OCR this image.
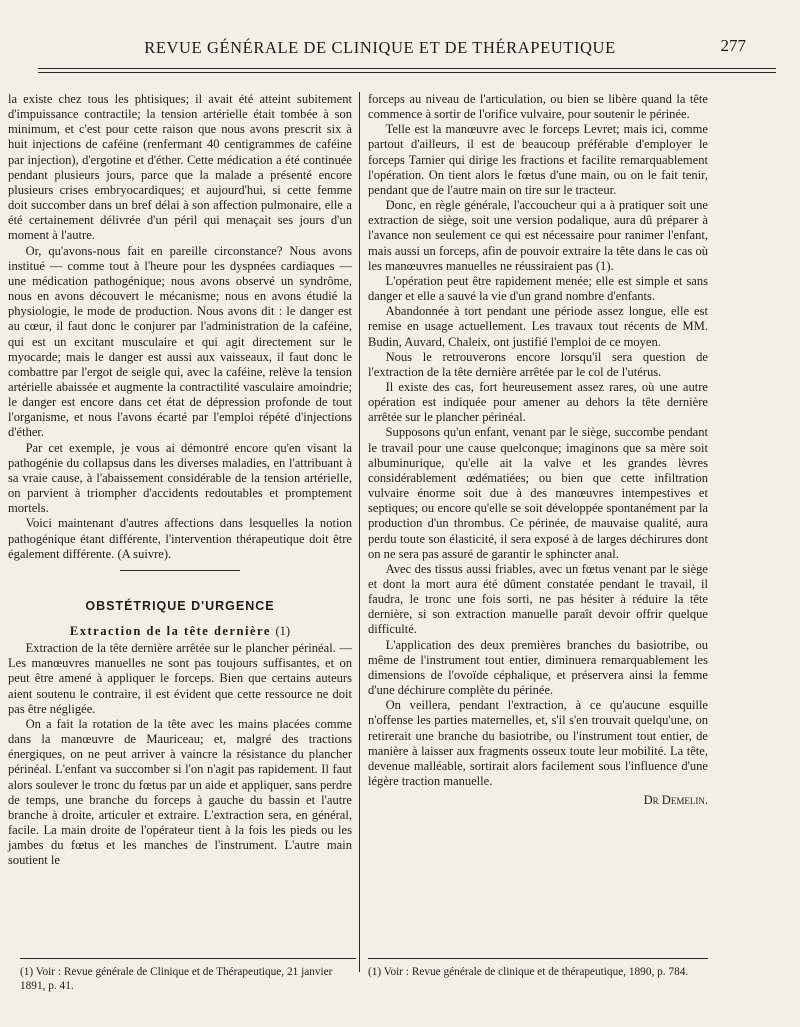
REVUE GÉNÉRALE DE CLINIQUE ET DE THÉRAPEUTIQUE	277

la existe chez tous les phtisiques; il avait été atteint subitement d'impuissance contractile; la tension artérielle était tombée à son minimum, et c'est pour cette raison que nous avons prescrit six à huit injections de caféine (renfermant 40 centigrammes de caféine par injection), d'ergotine et d'éther. Cette médication a été continuée pendant plusieurs jours, parce que la malade a présenté encore plusieurs crises embryocardiques; et aujourd'hui, si cette femme doit succomber dans un bref délai à son affection pulmonaire, elle a été certainement délivrée d'un péril qui menaçait ses jours d'un moment à l'autre.

Or, qu'avons-nous fait en pareille circonstance? Nous avons institué — comme tout à l'heure pour les dyspnées cardiaques — une médication pathogénique; nous avons observé un syndrôme, nous en avons découvert le mécanisme; nous en avons étudié la physiologie, le mode de production. Nous avons dit : le danger est au cœur, il faut donc le conjurer par l'administration de la caféine, qui est un excitant musculaire et qui agit directement sur le myocarde; mais le danger est aussi aux vaisseaux, il faut donc le combattre par l'ergot de seigle qui, avec la caféine, relève la tension artérielle abaissée et augmente la contractilité vasculaire amoindrie; le danger est encore dans cet état de dépression profonde de tout l'organisme, et nous l'avons écarté par l'emploi répété d'injections d'éther.

Par cet exemple, je vous ai démontré encore qu'en visant la pathogénie du collapsus dans les diverses maladies, en l'attribuant à sa vraie cause, à l'abaissement considérable de la tension artérielle, on parvient à triompher d'accidents redoutables et promptement mortels.

Voici maintenant d'autres affections dans lesquelles la notion pathogénique étant différente, l'intervention thérapeutique doit être également différente. (A suivre).

OBSTÉTRIQUE D'URGENCE
Extraction de la tête dernière (1)

Extraction de la tête dernière arrêtée sur le plancher périnéal. — Les manœuvres manuelles ne sont pas toujours suffisantes, et on peut être amené à appliquer le forceps. Bien que certains auteurs aient soutenu le contraire, il est évident que cette ressource ne doit pas être négligée.

On a fait la rotation de la tête avec les mains placées comme dans la manœuvre de Mauriceau; et, malgré des tractions énergiques, on ne peut arriver à vaincre la résistance du plancher périnéal. L'enfant va succomber si l'on n'agit pas rapidement. Il faut alors soulever le tronc du fœtus par un aide et appliquer, sans perdre de temps, une branche du forceps à gauche du bassin et l'autre branche à droite, articuler et extraire. L'extraction sera, en général, facile. La main droite de l'opérateur tient à la fois les pieds ou les jambes du fœtus et les manches de l'instrument. L'autre main soutient le

forceps au niveau de l'articulation, ou bien se libère quand la tête commence à sortir de l'orifice vulvaire, pour soutenir le périnée.

Telle est la manœuvre avec le forceps Levret; mais ici, comme partout d'ailleurs, il est de beaucoup préférable d'employer le forceps Tarnier qui dirige les fractions et facilite remarquablement l'opération. On tient alors le fœtus d'une main, ou on le fait tenir, pendant que de l'autre main on tire sur le tracteur.

Donc, en règle générale, l'accoucheur qui a à pratiquer soit une extraction de siège, soit une version podalique, aura dû préparer à l'avance non seulement ce qui est nécessaire pour ranimer l'enfant, mais aussi un forceps, afin de pouvoir extraire la tête dans le cas où les manœuvres manuelles ne réussiraient pas (1).

L'opération peut être rapidement menée; elle est simple et sans danger et elle a sauvé la vie d'un grand nombre d'enfants.

Abandonnée à tort pendant une période assez longue, elle est remise en usage actuellement. Les travaux tout récents de MM. Budin, Auvard, Chaleix, ont justifié l'emploi de ce moyen.

Nous le retrouverons encore lorsqu'il sera question de l'extraction de la tête dernière arrêtée par le col de l'utérus.

Il existe des cas, fort heureusement assez rares, où une autre opération est indiquée pour amener au dehors la tête dernière arrêtée sur le plancher périnéal.

Supposons qu'un enfant, venant par le siège, succombe pendant le travail pour une cause quelconque; imaginons que sa mère soit albuminurique, qu'elle ait la valve et les grandes lèvres considérablement œdématiées; ou bien que cette infiltration vulvaire énorme soit due à des manœuvres intempestives et septiques; ou encore qu'elle se soit développée spontanément par la production d'un thrombus. Ce périnée, de mauvaise qualité, aura perdu toute son élasticité, il sera exposé à de larges déchirures dont on ne sera pas assuré de garantir le sphincter anal.

Avec des tissus aussi friables, avec un fœtus venant par le siège et dont la mort aura été dûment constatée pendant le travail, il faudra, le tronc une fois sorti, ne pas hésiter à réduire la tête dernière, si son extraction manuelle paraît devoir offrir quelque difficulté.

L'application des deux premières branches du basiotribe, ou même de l'instrument tout entier, diminuera remarquablement les dimensions de l'ovoïde céphalique, et préservera ainsi la femme d'une déchirure complète du périnée.

On veillera, pendant l'extraction, à ce qu'aucune esquille n'offense les parties maternelles, et, s'il s'en trouvait quelqu'une, on retirerait une branche du basiotribe, ou l'instrument tout entier, de manière à laisser aux fragments osseux toute leur mobilité. La tête, devenue malléable, sortirait alors facilement sous l'influence d'une légère traction manuelle.

Dr Demelin.

(1) Voir : Revue générale de Clinique et de Thérapeutique, 21 janvier 1891, p. 41.
(1) Voir : Revue générale de clinique et de thérapeutique, 1890, p. 784.
